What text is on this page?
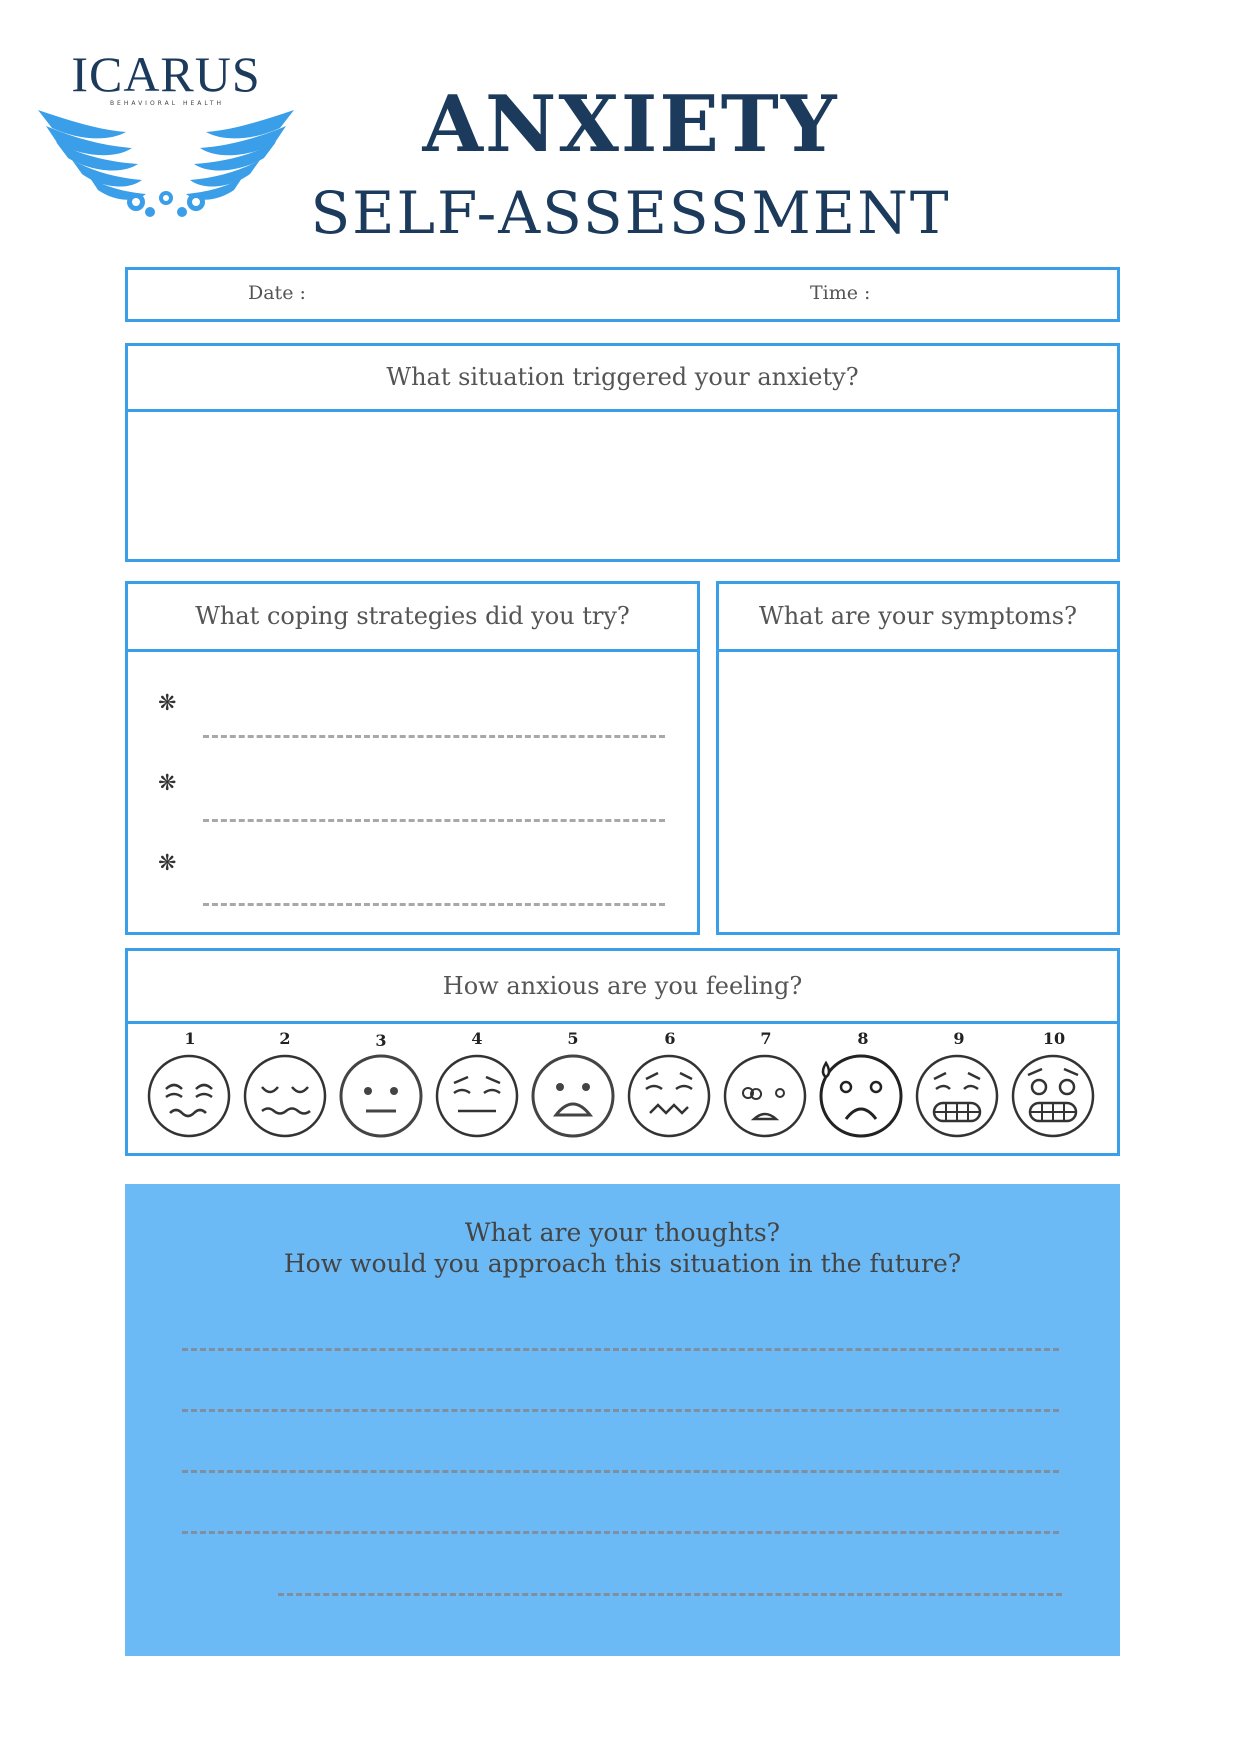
ICARUS
BEHAVIORAL HEALTH	ANXIETY
SELF-ASSESSMENT
Date :	Time :
What situation triggered your anxiety?
What coping strategies did you try?
❋
❋
❋
What are your symptoms?
How anxious are you feeling?
1	2	3	4	5	6	7	8	9	10
What are your thoughts?
How would you approach this situation in the future?
